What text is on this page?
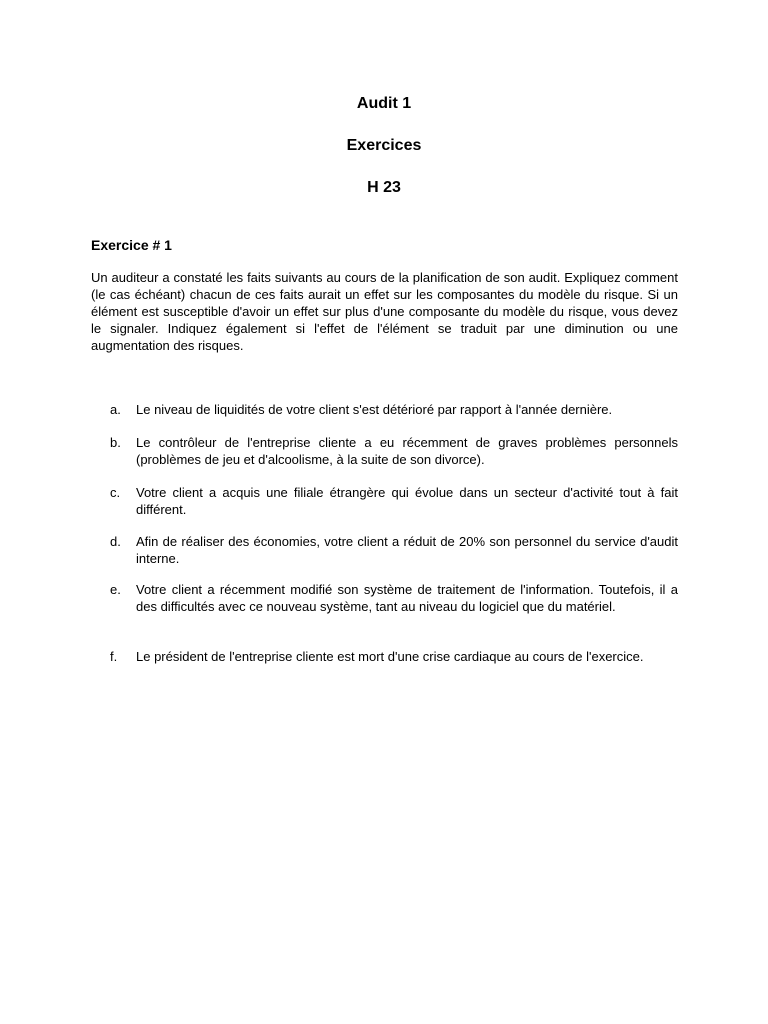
Audit 1
Exercices
H 23
Exercice # 1

Un auditeur a constaté les faits suivants au cours de la planification de son audit. Expliquez comment (le cas échéant) chacun de ces faits aurait un effet sur les composantes du modèle du risque. Si un élément est susceptible d'avoir un effet sur plus d'une composante du modèle du risque, vous devez le signaler. Indiquez également si l'effet de l'élément se traduit par une diminution ou une augmentation des risques.

a.	Le niveau de liquidités de votre client s'est détérioré par rapport à l'année dernière.
b.	Le contrôleur de l'entreprise cliente a eu récemment de graves problèmes personnels (problèmes de jeu et d'alcoolisme, à la suite de son divorce).
c.	Votre client a acquis une filiale étrangère qui évolue dans un secteur d'activité tout à fait différent.
d.	Afin de réaliser des économies, votre client a réduit de 20% son personnel du service d'audit interne.
e.	Votre client a récemment modifié son système de traitement de l'information. Toutefois, il a des difficultés avec ce nouveau système, tant au niveau du logiciel que du matériel.
f.	Le président de l'entreprise cliente est mort d'une crise cardiaque au cours de l'exercice.
